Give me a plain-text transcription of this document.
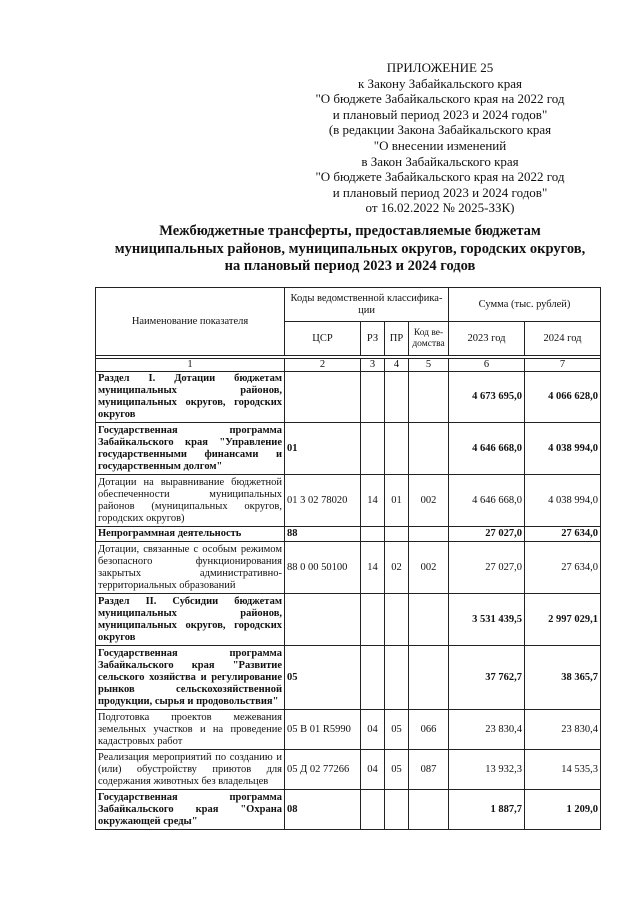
ПРИЛОЖЕНИЕ 25
к Закону Забайкальского края
"О бюджете Забайкальского края на 2022 год
и плановый период 2023 и 2024 годов"
(в редакции Закона Забайкальского края
"О внесении изменений
в Закон Забайкальского края
"О бюджете Забайкальского края на 2022 год
и плановый период 2023 и 2024 годов"
от 16.02.2022 № 2025-ЗЗК)
Межбюджетные трансферты, предоставляемые бюджетам
муниципальных районов, муниципальных округов, городских округов,
на плановый период 2023 и 2024 годов
Наименование показателя	Коды ведомственной классифика-ции				Сумма (тыс. рублей)	
	ЦСР	РЗ	ПР	Код ве-домства	2023 год	2024 год

1	2	3	4	5	6	7
Раздел I. Дотации бюджетам муниципальных районов, муниципальных округов, городских округов					4 673 695,0	4 066 628,0
Государственная программа Забайкальского края "Управление государственными финансами и государственным долгом"	01				4 646 668,0	4 038 994,0
Дотации на выравнивание бюджетной обеспеченности муниципальных районов (муниципальных округов, городских округов)	01 3 02 78020	14	01	002	4 646 668,0	4 038 994,0
Непрограммная деятельность	88				27 027,0	27 634,0
Дотации, связанные с особым режимом безопасного функционирования закрытых административно-территориальных образований	88 0 00 50100	14	02	002	27 027,0	27 634,0
Раздел II. Субсидии бюджетам муниципальных районов, муниципальных округов, городских округов					3 531 439,5	2 997 029,1
Государственная программа Забайкальского края "Развитие сельского хозяйства и регулирование рынков сельскохозяйственной продукции, сырья и продовольствия"	05				37 762,7	38 365,7
Подготовка проектов межевания земельных участков и на проведение кадастровых работ	05 В 01 R5990	04	05	066	23 830,4	23 830,4
Реализация мероприятий по созданию и (или) обустройству приютов для содержания животных без владельцев	05 Д 02 77266	04	05	087	13 932,3	14 535,3
Государственная программа Забайкальского края "Охрана окружающей среды"	08				1 887,7	1 209,0
